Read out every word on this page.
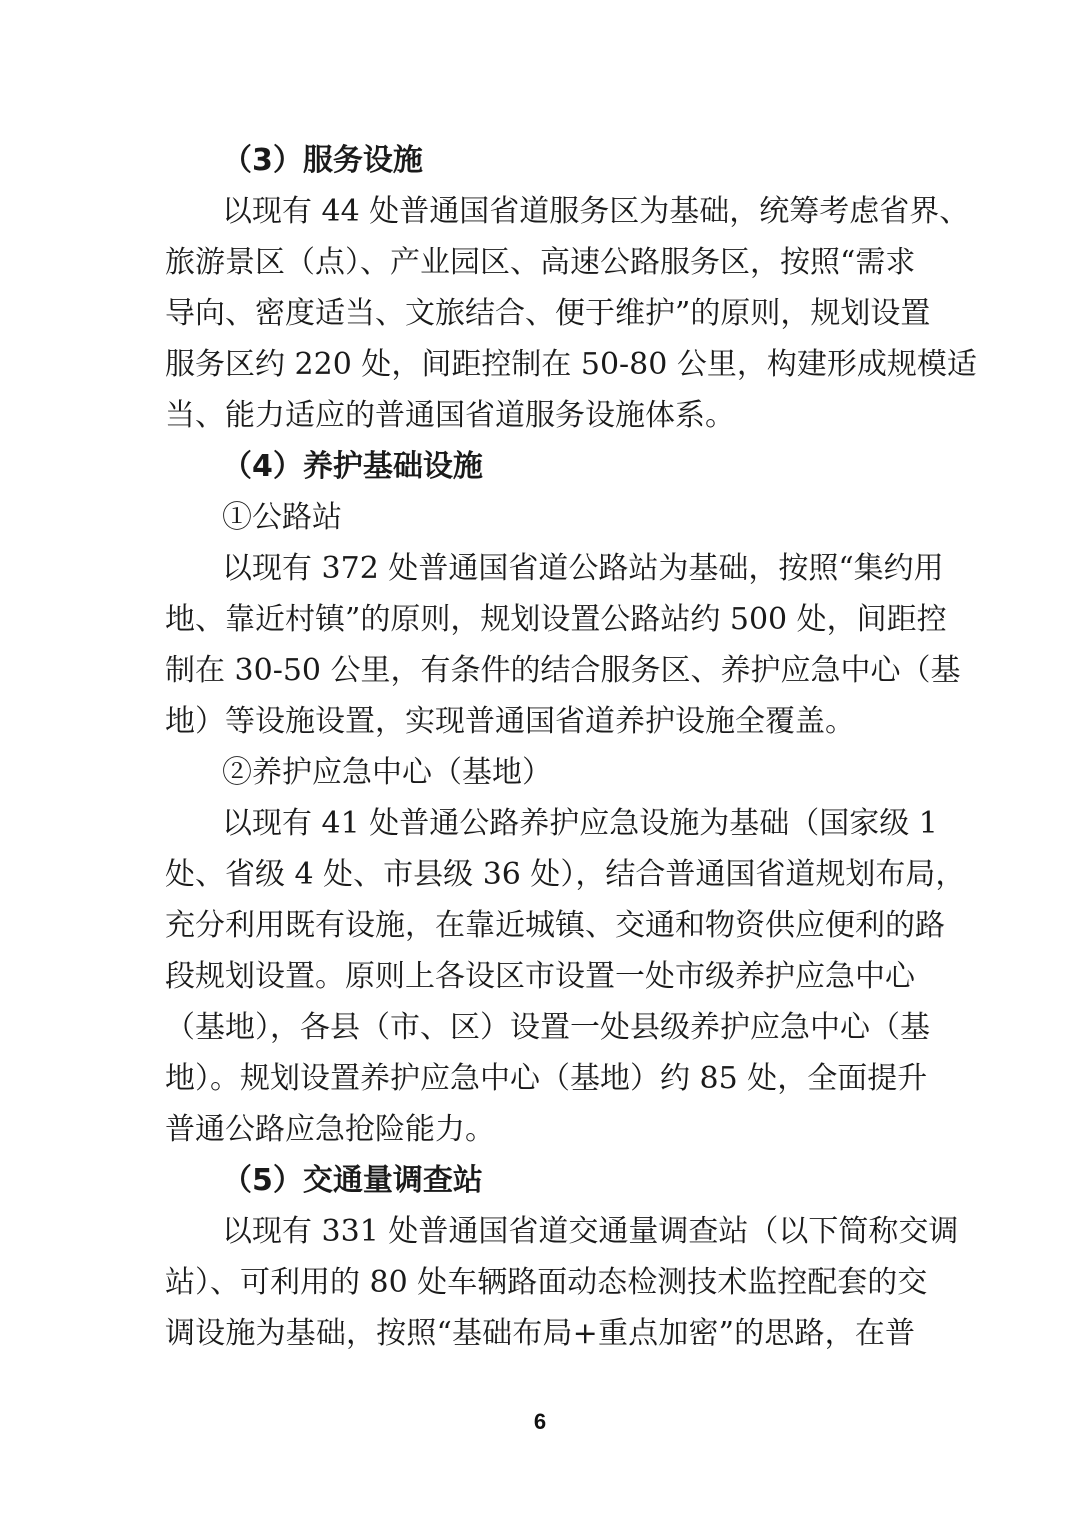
（3）服务设施
以现有 44 处普通国省道服务区为基础，统筹考虑省界、
旅游景区（点）、产业园区、高速公路服务区，按照“需求
导向、密度适当、文旅结合、便于维护”的原则，规划设置
服务区约 220 处，间距控制在 50-80 公里，构建形成规模适
当、能力适应的普通国省道服务设施体系。
（4）养护基础设施
①公路站
以现有 372 处普通国省道公路站为基础，按照“集约用
地、靠近村镇”的原则，规划设置公路站约 500 处，间距控
制在 30-50 公里，有条件的结合服务区、养护应急中心（基
地）等设施设置，实现普通国省道养护设施全覆盖。
②养护应急中心（基地）
以现有 41 处普通公路养护应急设施为基础（国家级 1
处、省级 4 处、市县级 36 处），结合普通国省道规划布局，
充分利用既有设施，在靠近城镇、交通和物资供应便利的路
段规划设置。原则上各设区市设置一处市级养护应急中心
（基地），各县（市、区）设置一处县级养护应急中心（基
地）。规划设置养护应急中心（基地）约 85 处，全面提升
普通公路应急抢险能力。
（5）交通量调查站
以现有 331 处普通国省道交通量调查站（以下简称交调
站）、可利用的 80 处车辆路面动态检测技术监控配套的交
调设施为基础，按照“基础布局+重点加密”的思路，在普
6
